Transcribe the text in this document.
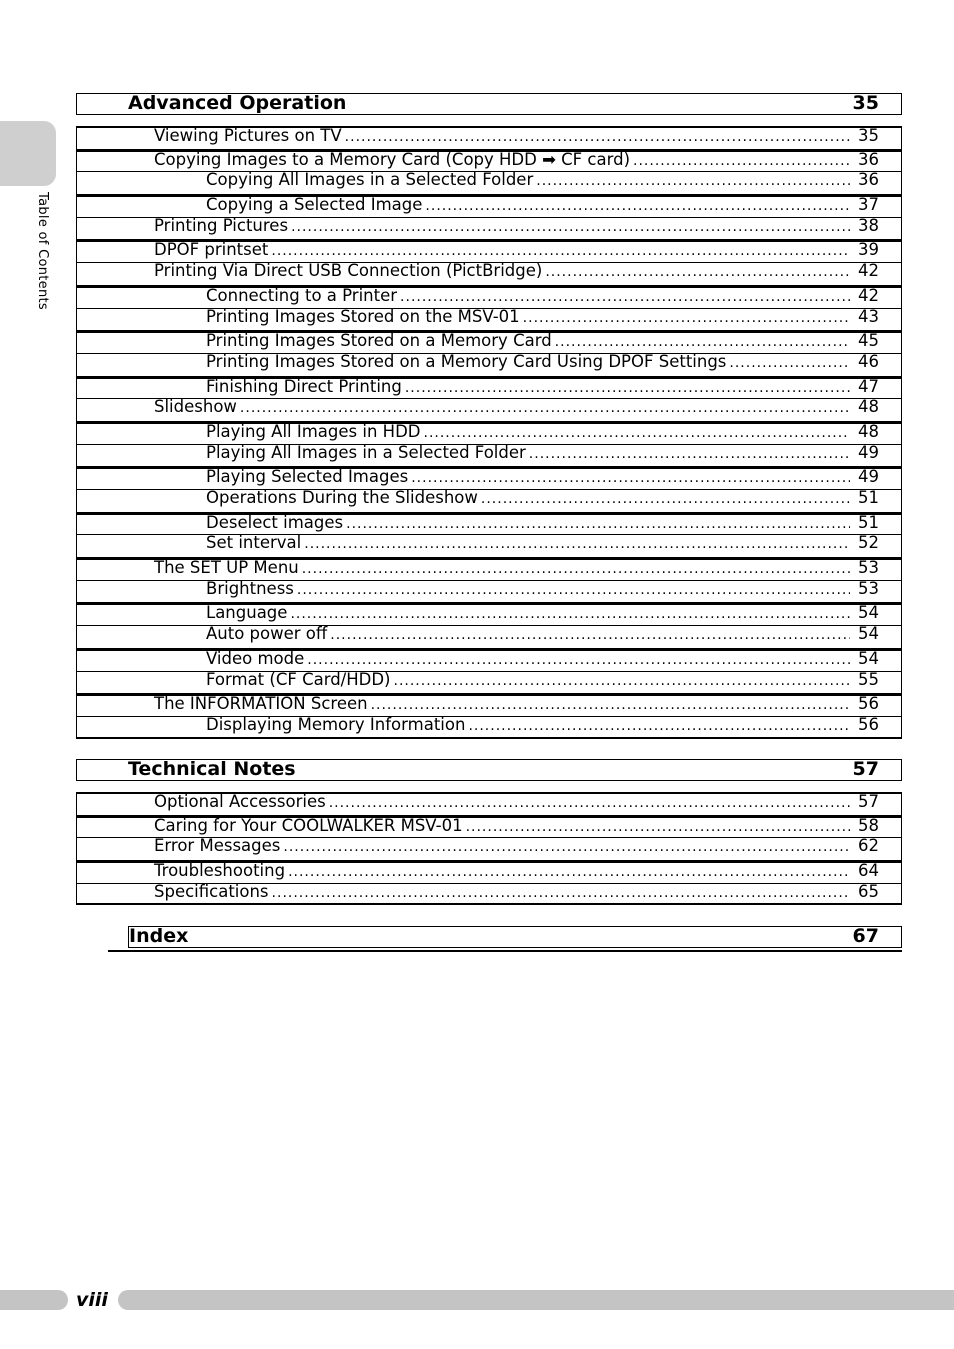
Table of Contents
Advanced Operation	35
Viewing Pictures on TV .....	35
Copying Images to a Memory Card (Copy HDD ➡ CF card) .....	36
Copying All Images in a Selected Folder .....	36
Copying a Selected Image .....	37
Printing Pictures .....	38
DPOF printset .....	39
Printing Via Direct USB Connection (PictBridge) .....	42
Connecting to a Printer .....	42
Printing Images Stored on the MSV-01 .....	43
Printing Images Stored on a Memory Card .....	45
Printing Images Stored on a Memory Card Using DPOF Settings .....	46
Finishing Direct Printing .....	47
Slideshow .....	48
Playing All Images in HDD .....	48
Playing All Images in a Selected Folder .....	49
Playing Selected Images .....	49
Operations During the Slideshow .....	51
Deselect images .....	51
Set interval .....	52
The SET UP Menu .....	53
Brightness .....	53
Language .....	54
Auto power off .....	54
Video mode .....	54
Format (CF Card/HDD) .....	55
The INFORMATION Screen .....	56
Displaying Memory Information .....	56
Technical Notes	57
Optional Accessories .....	57
Caring for Your COOLWALKER MSV-01 .....	58
Error Messages .....	62
Troubleshooting .....	64
Specifications .....	65
Index	67
viii
